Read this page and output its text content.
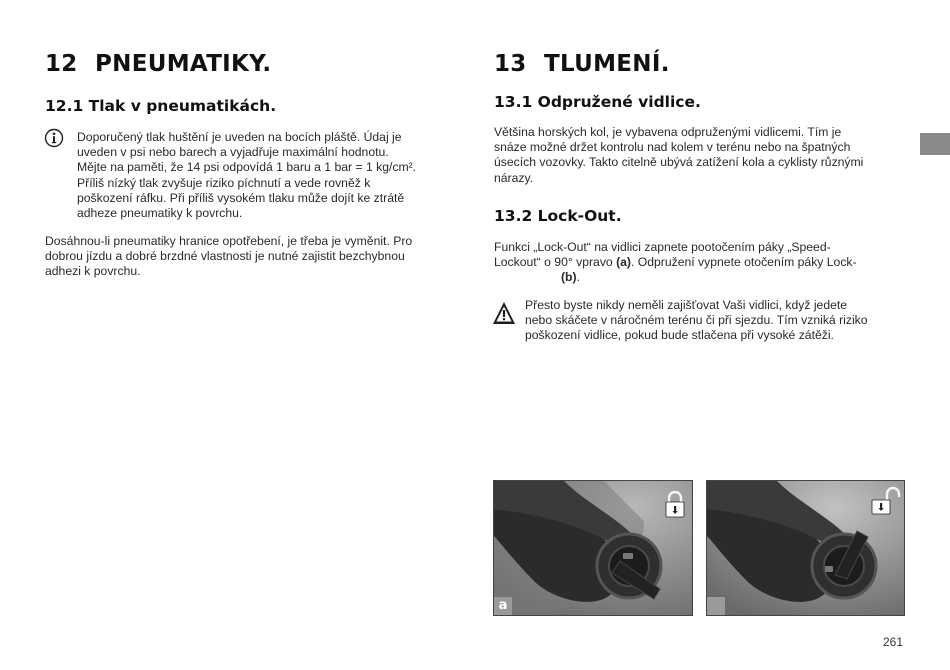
12 PNEUMATIKY.
12.1 Tlak v pneumatikách.
Doporučený tlak huštění je uveden na bocích pláště. Údaj je
uveden v psi nebo barech a vyjadřuje maximální hodnotu.
Mějte na paměti, že 14 psi odpovídá 1 baru a 1 bar = 1 kg/cm².
Příliš nízký tlak zvyšuje riziko píchnutí a vede rovněž k
poškození ráfku. Při příliš vysokém tlaku může dojít ke ztrátě
adheze pneumatiky k povrchu.
Dosáhnou-li pneumatiky hranice opotřebení, je třeba je vyměnit. Pro
dobrou jízdu a dobré brzdné vlastnosti je nutné zajistit bezchybnou
adhezi k povrchu.
13 TLUMENÍ.
13.1 Odpružené vidlice.
Většina horských kol, je vybavena odpruženými vidlicemi. Tím je
snáze možné držet kontrolu nad kolem v terénu nebo na špatných
úsecích vozovky. Takto citelně ubývá zatížení kola a cyklisty různými
nárazy.
13.2 Lock-Out.
Funkci „Lock-Out“ na vidlici zapnete pootočením páky „Speed-
Lockout“ o 90° vpravo (a). Odpružení vypnete otočením páky Lock-
(b).
Přesto byste nikdy neměli zajišťovat Vaši vidlici, když jedete
nebo skáčete v náročném terénu či při sjezdu. Tím vzniká riziko
poškození vidlice, pokud bude stlačena při vysoké zátěži.
a
261
